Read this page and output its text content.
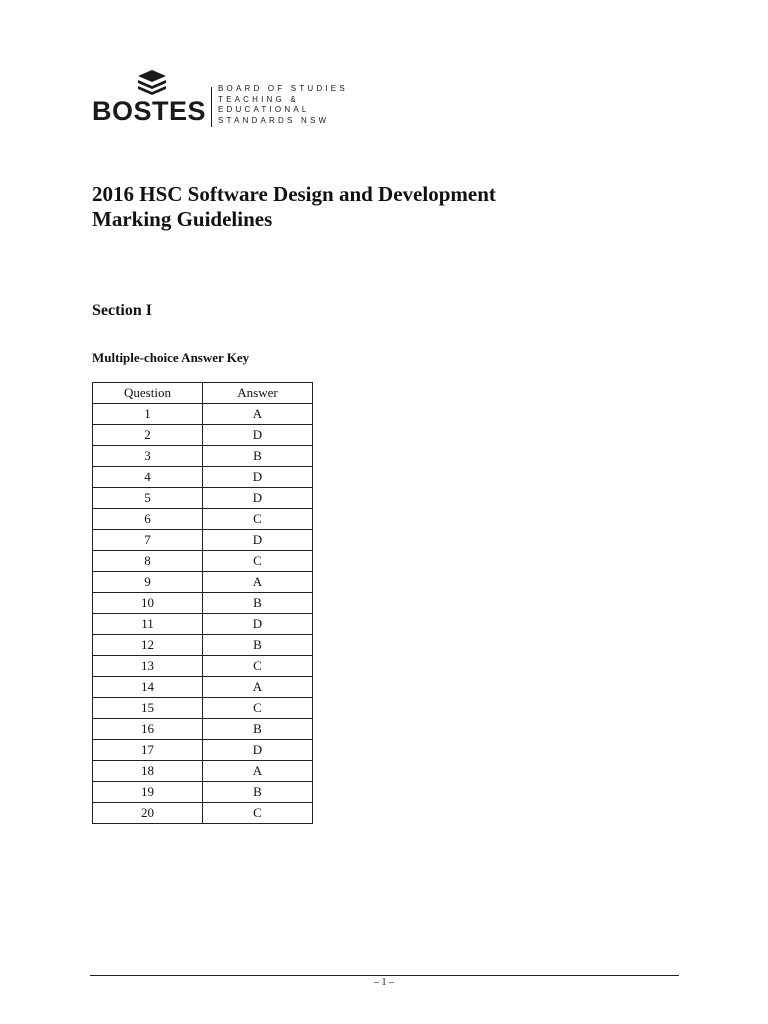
BOSTES
BOARD OF STUDIES
TEACHING &
EDUCATIONAL
STANDARDS NSW
2016 HSC Software Design and Development
Marking Guidelines
Section I
Multiple-choice Answer Key
Question	Answer
1	A
2	D
3	B
4	D
5	D
6	C
7	D
8	C
9	A
10	B
11	D
12	B
13	C
14	A
15	C
16	B
17	D
18	A
19	B
20	C
– 1 –
